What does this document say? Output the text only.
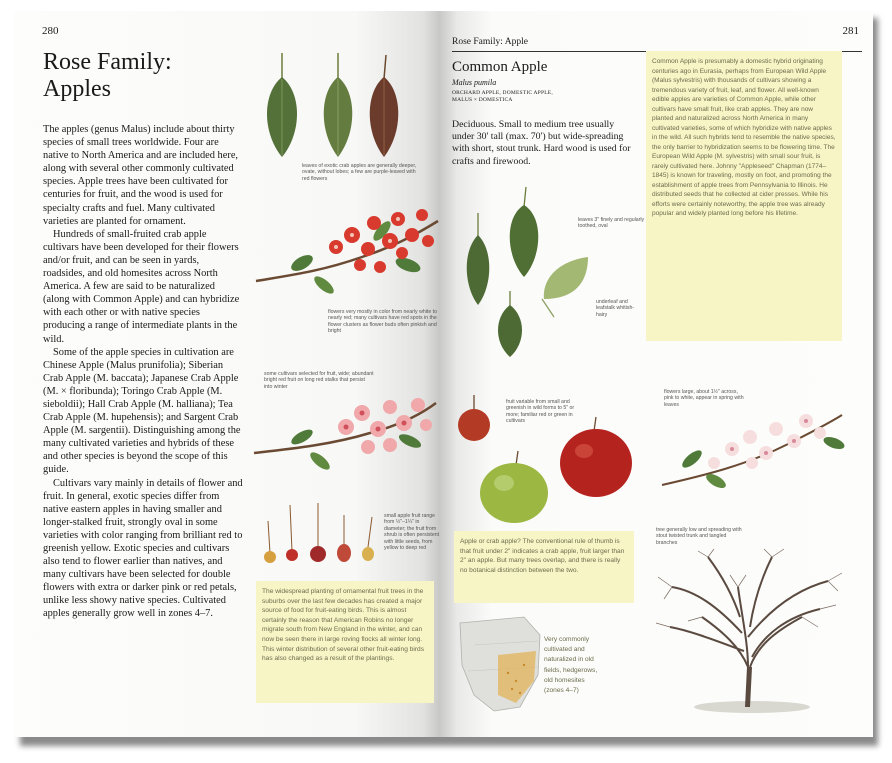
280
Rose Family:
Apples

The apples (genus Malus) include about thirty species of small trees worldwide. Four are native to North America and are included here, along with several other commonly cultivated species. Apple trees have been cultivated for centuries for fruit, and the wood is used for specialty crafts and fuel. Many cultivated varieties are planted for ornament.

Hundreds of small-fruited crab apple cultivars have been developed for their flowers and/or fruit, and can be seen in yards, roadsides, and old homesites across North America. A few are said to be naturalized (along with Common Apple) and can hybridize with each other or with native species producing a range of intermediate plants in the wild.

Some of the apple species in cultivation are Chinese Apple (Malus prunifolia); Siberian Crab Apple (M. baccata); Japanese Crab Apple (M. × floribunda); Toringo Crab Apple (M. sieboldii); Hall Crab Apple (M. halliana); Tea Crab Apple (M. hupehensis); and Sargent Crab Apple (M. sargentii). Distinguishing among the many cultivated varieties and hybrids of these and other species is beyond the scope of this guide.

Cultivars vary mainly in details of flower and fruit. In general, exotic species differ from native eastern apples in having smaller and longer-stalked fruit, strongly oval in some varieties with color ranging from brilliant red to greenish yellow. Exotic species and cultivars also tend to flower earlier than natives, and many cultivars have been selected for double flowers with extra or darker pink or red petals, unlike less showy native species. Cultivated apples generally grow well in zones 4–7.

leaves of exotic crab apples are generally deeper, ovate, without lobes; a few are purple-leaved with red flowers
flowers very mostly in color from nearly white to nearly red; many cultivars have red spots in the flower clusters as flower buds often pinkish and bright
some cultivars selected for fruit, wide; abundant bright red fruit on long red stalks that persist into winter
small apple fruit range from ½"–1¼" in diameter; the fruit from shrub is often persistent with little seeds, from yellow to deep red
The widespread planting of ornamental fruit trees in the suburbs over the last few decades has created a major source of food for fruit-eating birds. This is almost certainly the reason that American Robins no longer migrate south from New England in the winter, and can now be seen there in large roving flocks all winter long. This winter distribution of several other fruit-eating birds has also changed as a result of the plantings.
Rose Family: Apple
281
Common Apple
Malus pumila
ORCHARD APPLE, DOMESTIC APPLE,
MALUS × DOMESTICA
Deciduous. Small to medium tree usually under 30' tall (max. 70') but wide-spreading with short, stout trunk. Hard wood is used for crafts and firewood.
Common Apple is presumably a domestic hybrid originating centuries ago in Eurasia, perhaps from European Wild Apple (Malus sylvestris) with thousands of cultivars showing a tremendous variety of fruit, leaf, and flower. All well-known edible apples are varieties of Common Apple, while other cultivars have small fruit, like crab apples. They are now planted and naturalized across North America in many cultivated varieties, some of which hybridize with native apples in the wild. All such hybrids tend to resemble the native species, the only barrier to hybridization seems to be flowering time. The European Wild Apple (M. sylvestris) with small sour fruit, is rarely cultivated here. Johnny "Appleseed" Chapman (1774–1845) is known for traveling, mostly on foot, and promoting the establishment of apple trees from Pennsylvania to Illinois. He distributed seeds that he collected at cider presses. While his efforts were certainly noteworthy, the apple tree was already popular and widely planted long before his lifetime.
leaves 3" finely and regularly toothed, oval
underleaf and leafstalk whitish-hairy
fruit variable from small and greenish in wild forms to 5" or more; familiar red or green in cultivars
flowers large, about 1½" across, pink to white, appear in spring with leaves
Apple or crab apple? The conventional rule of thumb is that fruit under 2" indicates a crab apple, fruit larger than 2" an apple. But many trees overlap, and there is really no botanical distinction between the two.
Very commonly cultivated and naturalized in old fields, hedgerows, old homesites (zones 4–7)
tree generally low and spreading with stout twisted trunk and tangled branches
